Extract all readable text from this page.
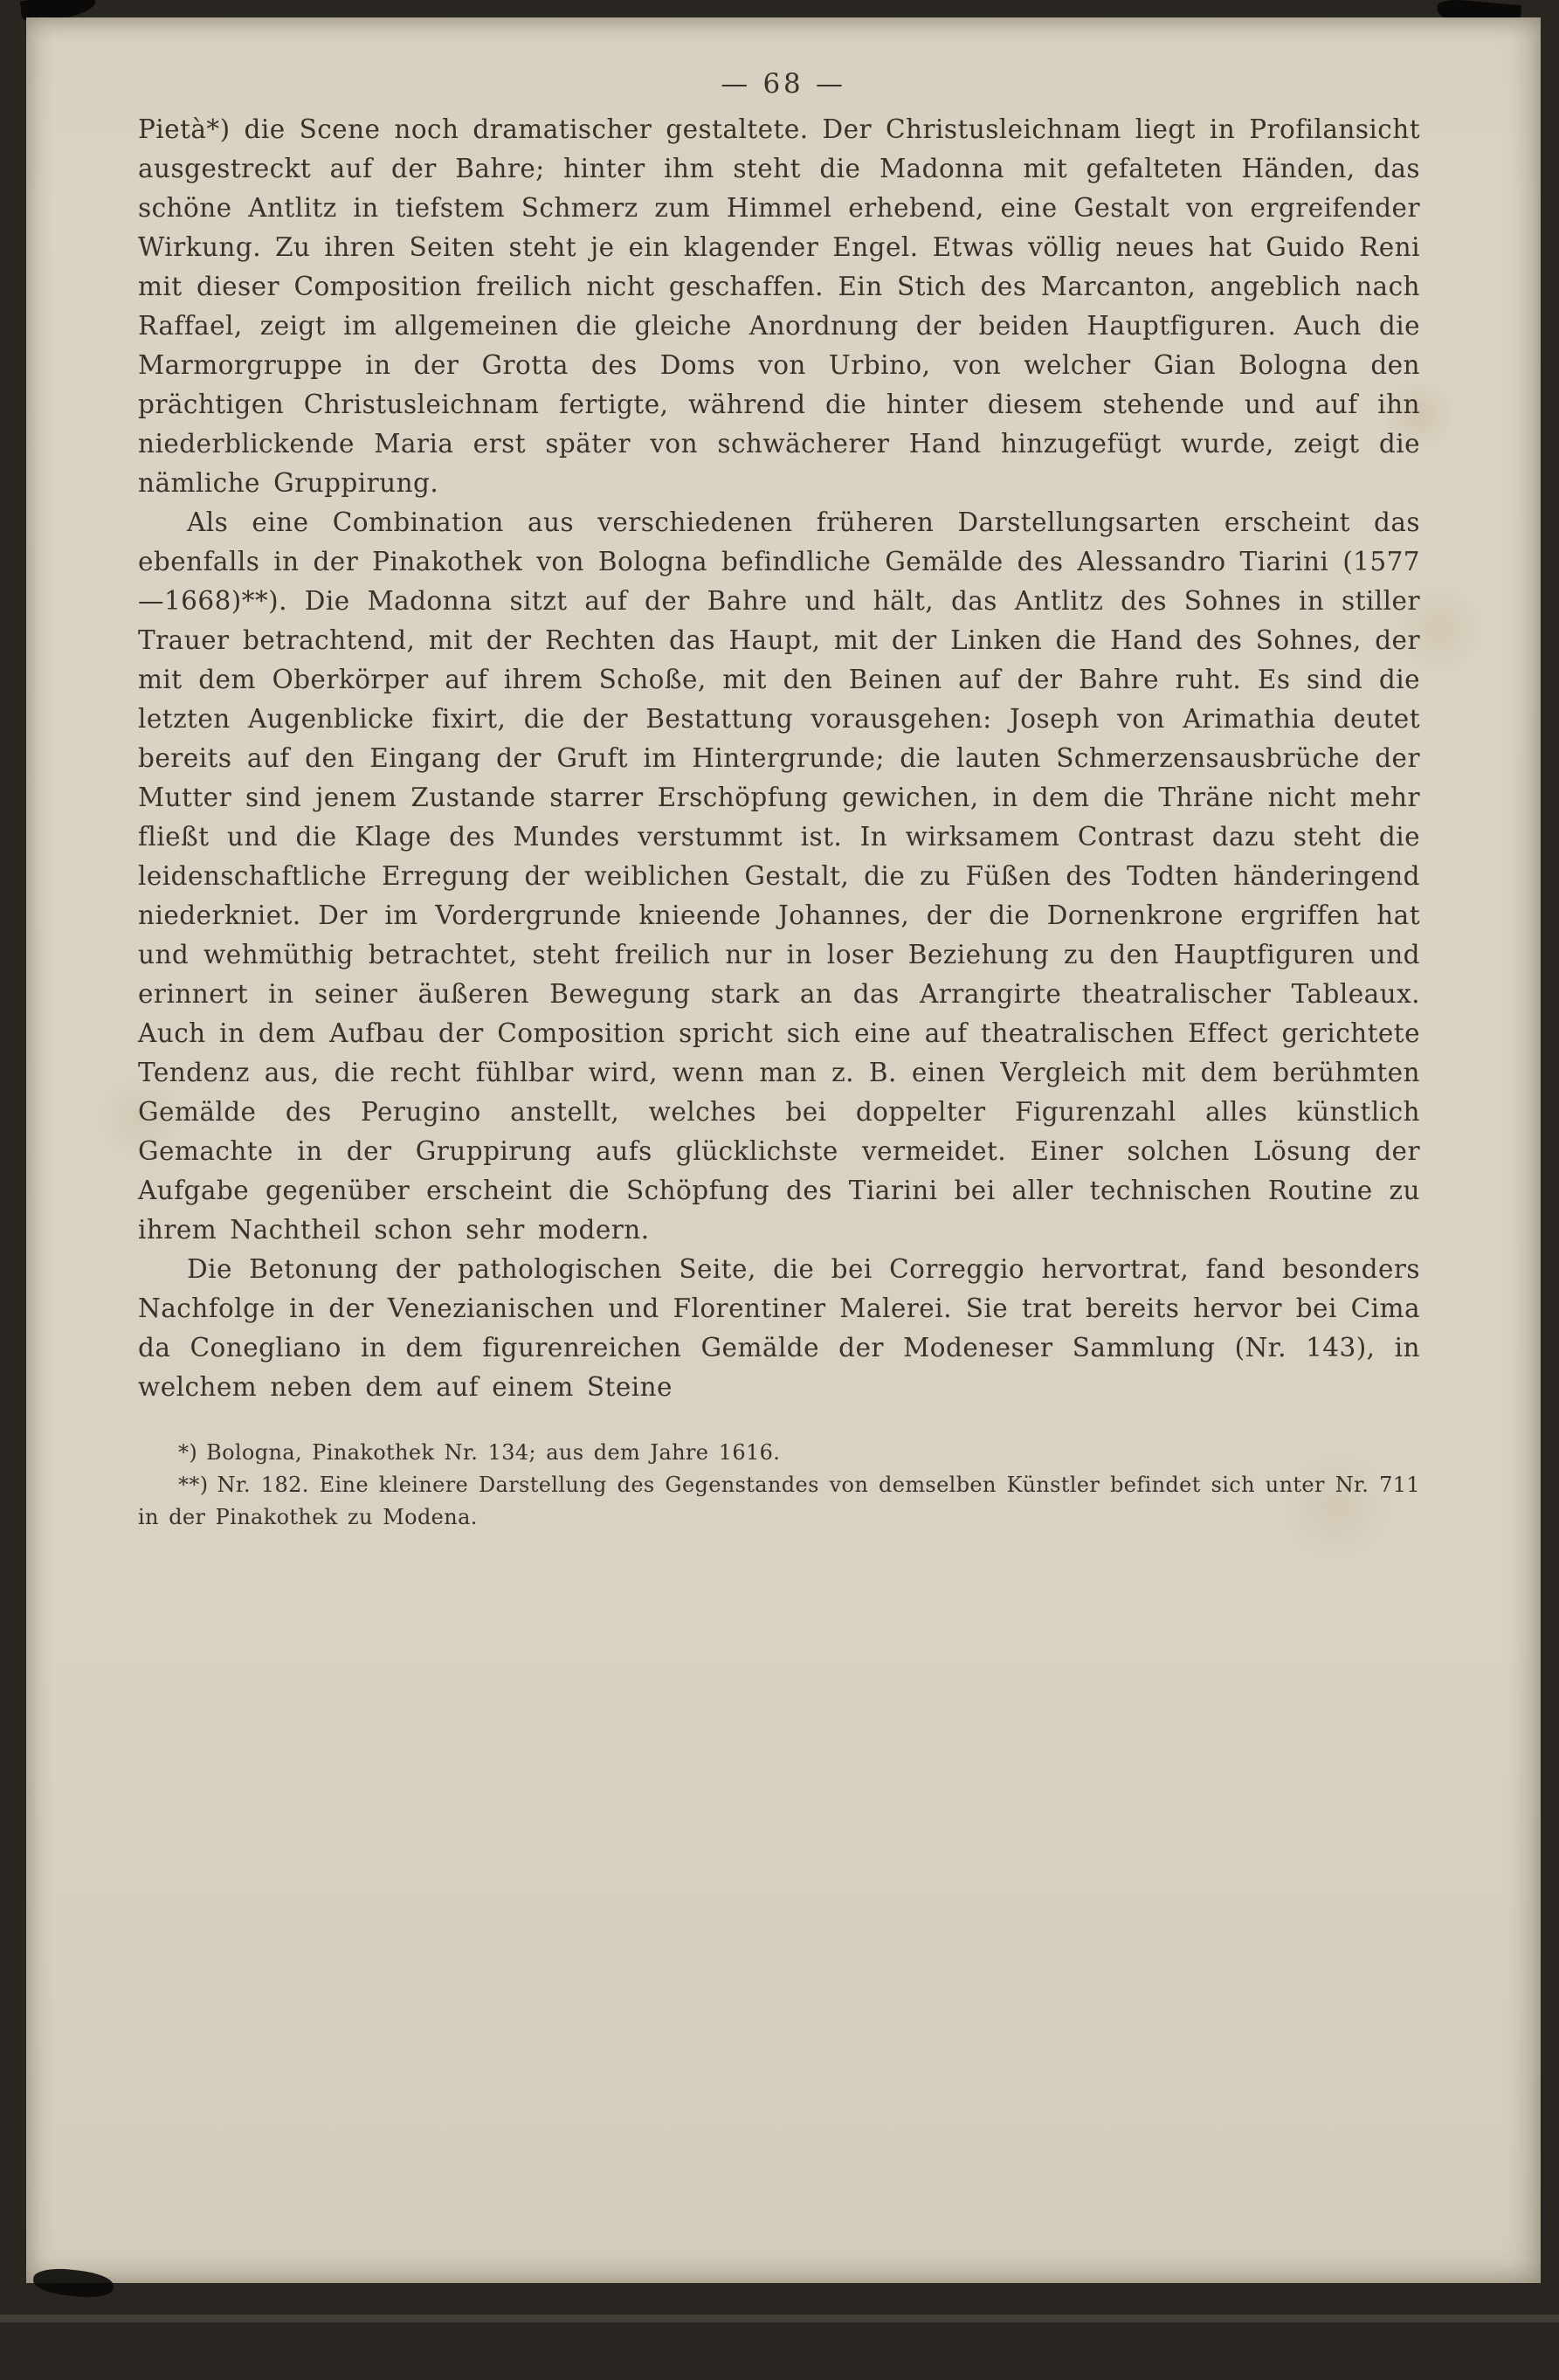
— 68 —

Pietà*) die Scene noch dramatischer gestaltete. Der Christusleichnam liegt in Profilansicht ausgestreckt auf der Bahre; hinter ihm steht die Madonna mit gefalteten Händen, das schöne Antlitz in tiefstem Schmerz zum Himmel erhebend, eine Gestalt von ergreifender Wirkung. Zu ihren Seiten steht je ein klagender Engel. Etwas völlig neues hat Guido Reni mit dieser Composition freilich nicht geschaffen. Ein Stich des Marcanton, angeblich nach Raffael, zeigt im allgemeinen die gleiche Anordnung der beiden Hauptfiguren. Auch die Marmorgruppe in der Grotta des Doms von Urbino, von welcher Gian Bologna den prächtigen Christusleichnam fertigte, während die hinter diesem stehende und auf ihn niederblickende Maria erst später von schwächerer Hand hinzugefügt wurde, zeigt die nämliche Gruppirung.

Als eine Combination aus verschiedenen früheren Darstellungsarten erscheint das ebenfalls in der Pinakothek von Bologna befindliche Gemälde des Alessandro Tiarini (1577—1668)**). Die Madonna sitzt auf der Bahre und hält, das Antlitz des Sohnes in stiller Trauer betrachtend, mit der Rechten das Haupt, mit der Linken die Hand des Sohnes, der mit dem Oberkörper auf ihrem Schoße, mit den Beinen auf der Bahre ruht. Es sind die letzten Augenblicke fixirt, die der Bestattung vorausgehen: Joseph von Arimathia deutet bereits auf den Eingang der Gruft im Hintergrunde; die lauten Schmerzensausbrüche der Mutter sind jenem Zustande starrer Erschöpfung gewichen, in dem die Thräne nicht mehr fließt und die Klage des Mundes verstummt ist. In wirksamem Contrast dazu steht die leidenschaftliche Erregung der weiblichen Gestalt, die zu Füßen des Todten händeringend niederkniet. Der im Vordergrunde knieende Johannes, der die Dornenkrone ergriffen hat und wehmüthig betrachtet, steht freilich nur in loser Beziehung zu den Hauptfiguren und erinnert in seiner äußeren Bewegung stark an das Arrangirte theatralischer Tableaux. Auch in dem Aufbau der Composition spricht sich eine auf theatralischen Effect gerichtete Tendenz aus, die recht fühlbar wird, wenn man z. B. einen Vergleich mit dem berühmten Gemälde des Perugino anstellt, welches bei doppelter Figurenzahl alles künstlich Gemachte in der Gruppirung aufs glücklichste vermeidet. Einer solchen Lösung der Aufgabe gegenüber erscheint die Schöpfung des Tiarini bei aller technischen Routine zu ihrem Nachtheil schon sehr modern.

Die Betonung der pathologischen Seite, die bei Correggio hervortrat, fand besonders Nachfolge in der Venezianischen und Florentiner Malerei. Sie trat bereits hervor bei Cima da Conegliano in dem figurenreichen Gemälde der Modeneser Sammlung (Nr. 143), in welchem neben dem auf einem Steine

*) Bologna, Pinakothek Nr. 134; aus dem Jahre 1616.

**) Nr. 182. Eine kleinere Darstellung des Gegenstandes von demselben Künstler befindet sich unter Nr. 711 in der Pinakothek zu Modena.
